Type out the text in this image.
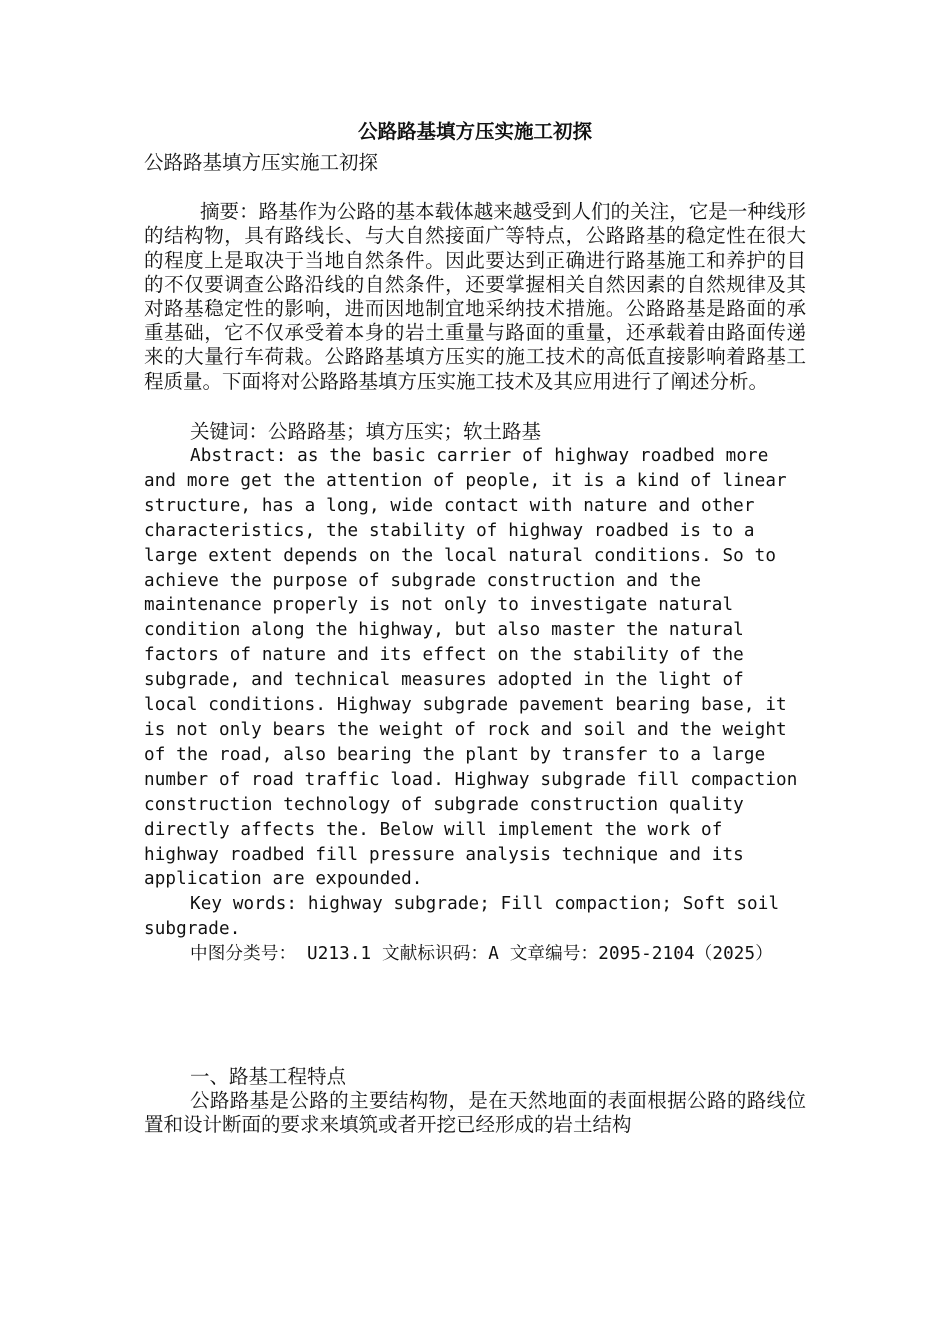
公路路基填方压实施工初探

公路路基填方压实施工初探

摘要：路基作为公路的基本载体越来越受到人们的关注，它是一种线形的结构物，具有路线长、与大自然接面广等特点，公路路基的稳定性在很大的程度上是取决于当地自然条件。因此要达到正确进行路基施工和养护的目的不仅要调查公路沿线的自然条件，还要掌握相关自然因素的自然规律及其对路基稳定性的影响，进而因地制宜地采纳技术措施。公路路基是路面的承重基础，它不仅承受着本身的岩土重量与路面的重量，还承载着由路面传递来的大量行车荷栽。公路路基填方压实的施工技术的高低直接影响着路基工程质量。下面将对公路路基填方压实施工技术及其应用进行了阐述分析。

关键词：公路路基；填方压实；软土路基

Abstract: as the basic carrier of highway roadbed more and more get the attention of people, it is a kind of linear structure, has a long, wide contact with nature and other characteristics, the stability of highway roadbed is to a large extent depends on the local natural conditions. So to achieve the purpose of subgrade construction and the maintenance properly is not only to investigate natural condition along the highway, but also master the natural factors of nature and its effect on the stability of the subgrade, and technical measures adopted in the light of local conditions. Highway subgrade pavement bearing base, it is not only bears the weight of rock and soil and the weight of the road, also bearing the plant by transfer to a large number of road traffic load. Highway subgrade fill compaction construction technology of subgrade construction quality directly affects the. Below will implement the work of highway roadbed fill pressure analysis technique and its application are expounded.

Key words: highway subgrade; Fill compaction; Soft soil subgrade.

中图分类号： U213.1 文献标识码：A 文章编号：2095-2104（2025）

一、路基工程特点

公路路基是公路的主要结构物，是在天然地面的表面根据公路的路线位置和设计断面的要求来填筑或者开挖已经形成的岩土结构
